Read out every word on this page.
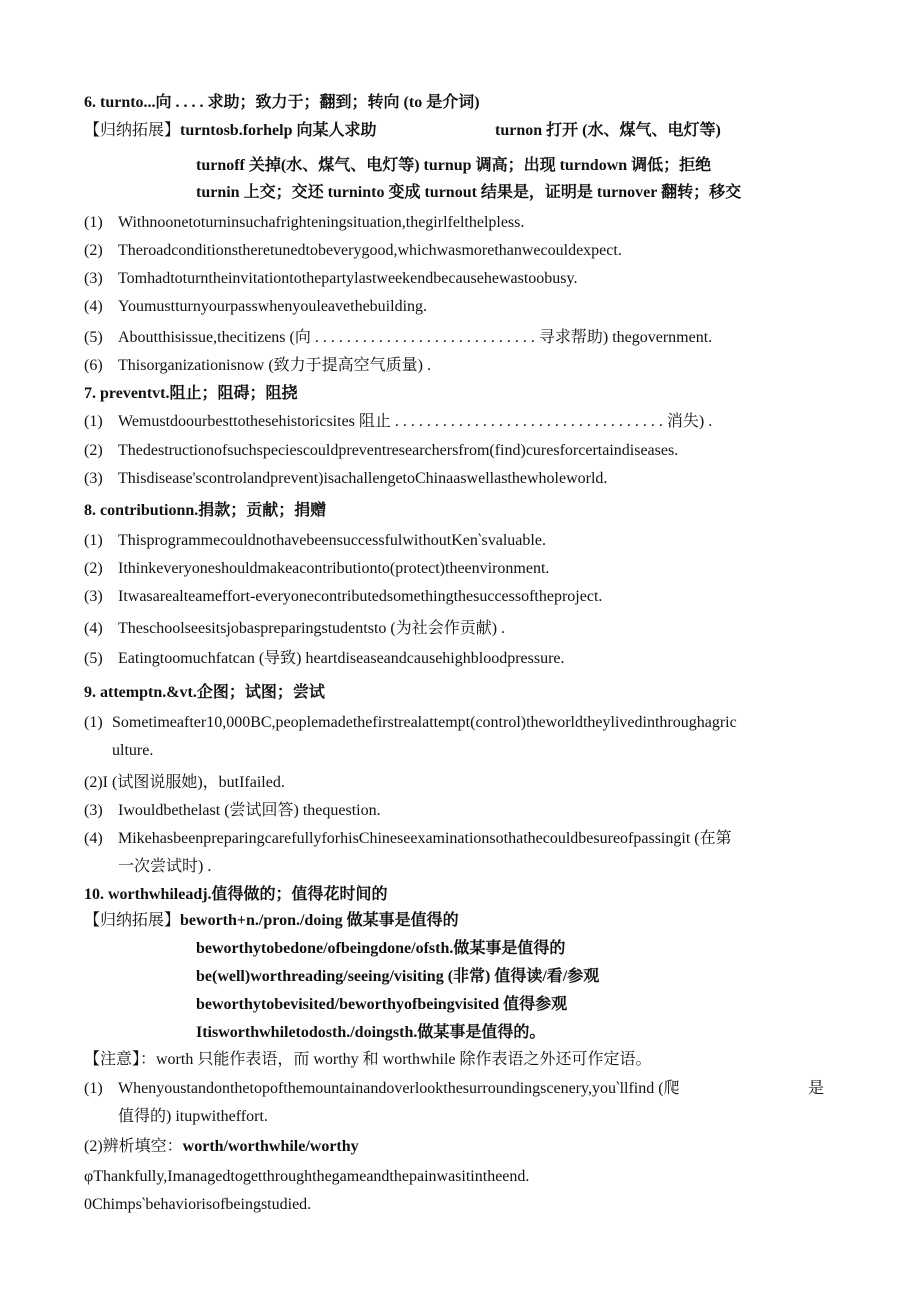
6. turnto...向 . . . . 求助；致力于；翻到；转向 (to 是介词)
【归纳拓展】turntosb.forhelp 向某人求助	turnon 打开 (水、煤气、电灯等)
turnoff 关掉(水、煤气、电灯等) turnup 调高；出现 turndown 调低；拒绝
turnin 上交；交还 turninto 变成 turnout 结果是，证明是 turnover 翻转；移交
(1) Withnoonetoturninsuchafrighteningsituation,thegirlfelthelpless.
(2) Theroadconditionstheretunedtobeverygood,whichwasmorethanwecouldexpect.
(3) Tomhadtoturntheinvitationtothepartylastweekendbecausehewastoobusy.
(4) Youmustturnyourpasswhenyouleavethebuilding.
(5) Aboutthisissue,thecitizens (向 . . . . . . . . . . . . . . . . . . . . . . . . . . . . 寻求帮助) thegovernment.
(6) Thisorganizationisnow (致力于提高空气质量) .
7. preventvt.阻止；阻碍；阻挠
(1) Wemustdoourbesttothesehistoricsites 阻止 . . . . . . . . . . . . . . . . . . . . . . . . . . . . . . . . . . 消失) .
(2) Thedestructionofsuchspeciescouldpreventresearchersfrom(find)curesforcertaindiseases.
(3) Thisdisease'scontrolandprevent)isachallengetoChinaaswellasthewholeworld.
8. contributionn.捐款；贡献；捐赠
(1) ThisprogrammecouldnothavebeensuccessfulwithoutKen‵svaluable.
(2) Ithinkeveryoneshouldmakeacontributionto(protect)theenvironment.
(3) Itwasarealteameffort-everyonecontributedsomethingthesuccessoftheproject.
(4) Theschoolseesitsjobaspreparingstudentsto (为社会作贡献) .
(5) Eatingtoomuchfatcan (导致) heartdiseaseandcausehighbloodpressure.
9. attemptn.&vt.企图；试图；尝试
(1) Sometimeafter10,000BC,peoplemadethefirstrealattempt(control)theworldtheylivedinthroughagric
ulture.
(2)I (试图说服她)，butIfailed.
(3) Iwouldbethelast (尝试回答) thequestion.
(4) MikehasbeenpreparingcarefullyforhisChineseexaminationsothathecouldbesureofpassingit (在第
一次尝试时) .
10. worthwhileadj.值得做的；值得花时间的
【归纳拓展】beworth+n./pron./doing 做某事是值得的
beworthytobedone/ofbeingdone/ofsth.做某事是值得的
be(well)worthreading/seeing/visiting (非常) 值得读/看/参观
beworthytobevisited/beworthyofbeingvisited 值得参观
Itisworthwhiletodosth./doingsth.做某事是值得的。
【注意】：worth 只能作表语，而 worthy 和 worthwhile 除作表语之外还可作定语。
(1) Whenyoustandonthetopofthemountainandoverlookthesurroundingscenery,you‵llfind (爬	是
值得的) itupwitheffort.
(2)辨析填空：worth/worthwhile/worthy
φThankfully,Imanagedtogetthroughthegameandthepainwasitintheend.
0Chimps‵behaviorisofbeingstudied.
